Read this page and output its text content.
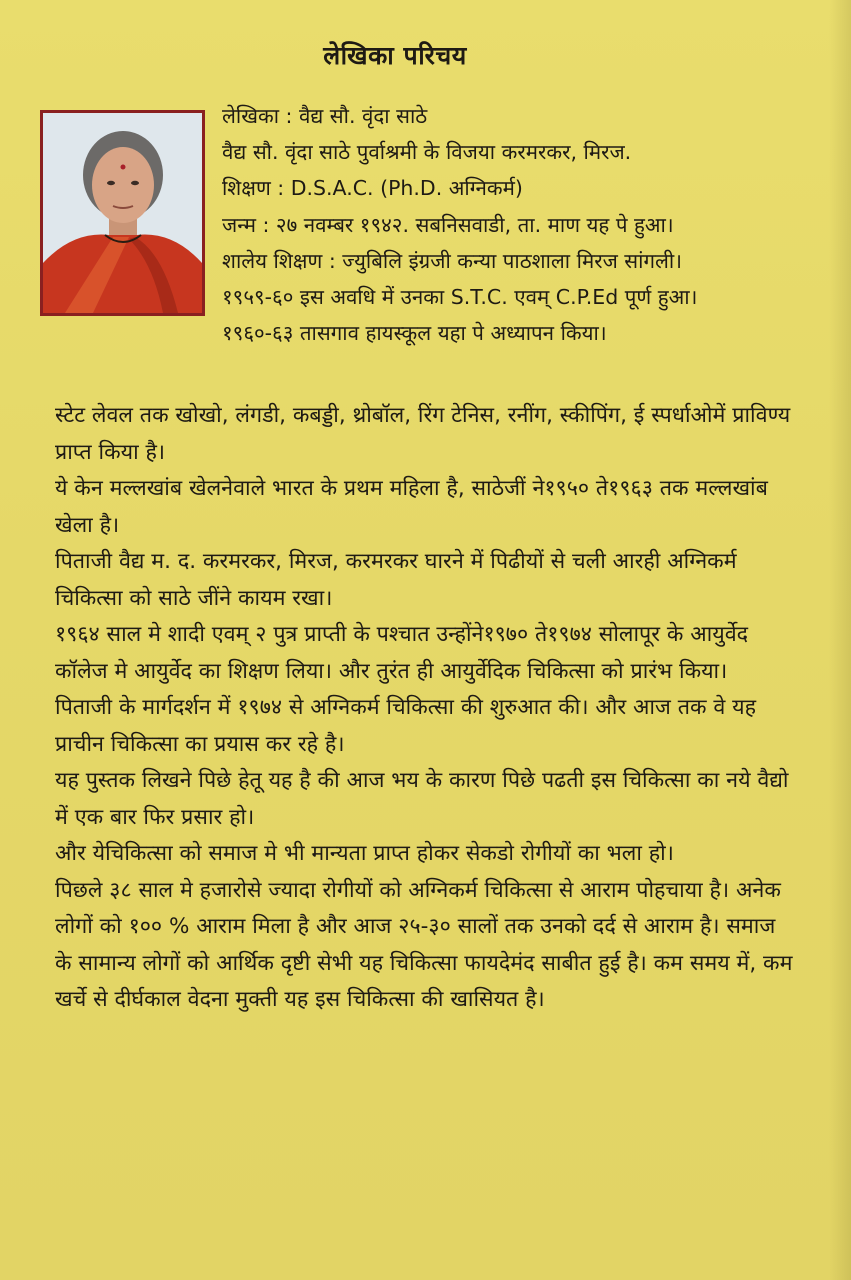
लेखिका परिचय
लेखिका : वैद्य सौ. वृंदा साठे
वैद्य सौ. वृंदा साठे पुर्वाश्रमी के विजया करमरकर, मिरज.
शिक्षण : D.S.A.C. (Ph.D. अग्निकर्म)
जन्म : २७ नवम्बर १९४२. सबनिसवाडी, ता. माण यह पे हुआ।
शालेय शिक्षण : ज्युबिलि इंग्रजी कन्या पाठशाला मिरज सांगली।
१९५९-६० इस अवधि में उनका S.T.C. एवम् C.P.Ed पूर्ण हुआ।
१९६०-६३ तासगाव हायस्कूल यहा पे अध्यापन किया।

स्टेट लेवल तक खोखो, लंगडी, कबड्डी, थ्रोबॉल, रिंग टेनिस, रनींग, स्कीपिंग, ई स्पर्धाओमें प्राविण्य प्राप्त किया है।

ये केन मल्लखांब खेलनेवाले भारत के प्रथम महिला है, साठेजीं ने१९५० ते१९६३ तक मल्लखांब खेला है।

पिताजी वैद्य म. द. करमरकर, मिरज, करमरकर घारने में पिढीयों से चली आरही अग्निकर्म चिकित्सा को साठे जींने कायम रखा।

१९६४ साल मे शादी एवम् २ पुत्र प्राप्ती के पश्चात उन्होंने१९७० ते१९७४ सोलापूर के आयुर्वेद कॉलेज मे आयुर्वेद का शिक्षण लिया। और तुरंत ही आयुर्वेदिक चिकित्सा को प्रारंभ किया।

पिताजी के मार्गदर्शन में १९७४ से अग्निकर्म चिकित्सा की शुरुआत की। और आज तक वे यह प्राचीन चिकित्सा का प्रयास कर रहे है।

यह पुस्तक लिखने पिछे हेतू यह है की आज भय के कारण पिछे पढती इस चिकित्सा का नये वैद्यो में एक बार फिर प्रसार हो।

और येचिकित्सा को समाज मे भी मान्यता प्राप्त होकर सेकडो रोगीयों का भला हो।

पिछले ३८ साल मे हजारोसे ज्यादा रोगीयों को अग्निकर्म चिकित्सा से आराम पोहचाया है। अनेक लोगों को १०० % आराम मिला है और आज २५-३० सालों तक उनको दर्द से आराम है। समाज के सामान्य लोगों को आर्थिक दृष्टी सेभी यह चिकित्सा फायदेमंद साबीत हुई है। कम समय में, कम खर्चे से दीर्घकाल वेदना मुक्ती यह इस चिकित्सा की खासियत है।
